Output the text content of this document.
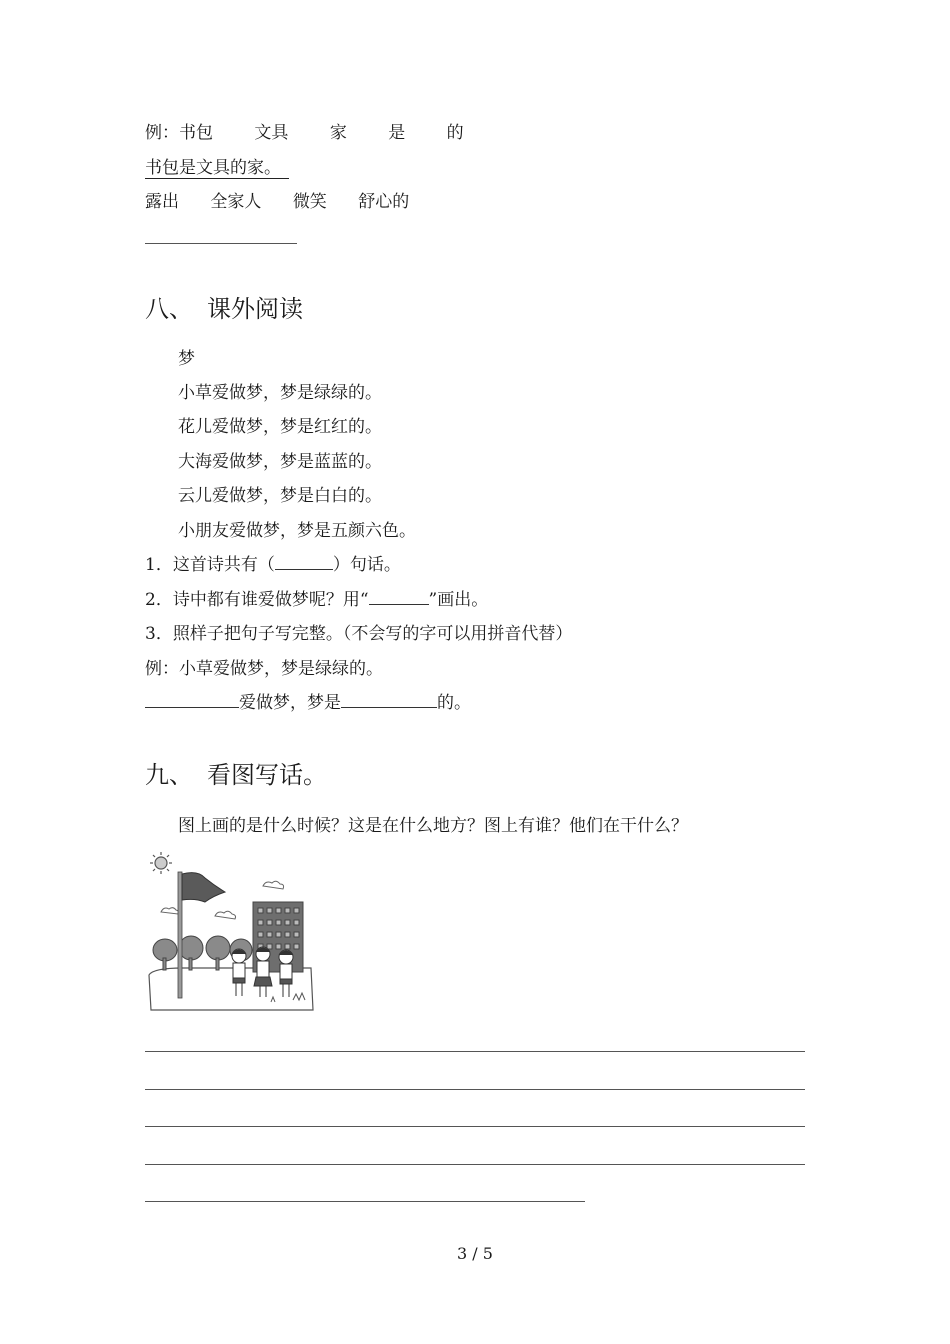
例：书包 文具 家 是 的
书包是文具的家。
露出 全家人 微笑 舒心的
八、 课外阅读
梦
小草爱做梦，梦是绿绿的。
花儿爱做梦，梦是红红的。
大海爱做梦，梦是蓝蓝的。
云儿爱做梦，梦是白白的。
小朋友爱做梦，梦是五颜六色。
1．这首诗共有（	）句话。
2．诗中都有谁爱做梦呢？用“	”画出。
3．照样子把句子写完整。（不会写的字可以用拼音代替）
例：小草爱做梦，梦是绿绿的。
爱做梦，梦是	的。
九、 看图写话。
图上画的是什么时候？这是在什么地方？图上有谁？他们在干什么？
3 / 5
